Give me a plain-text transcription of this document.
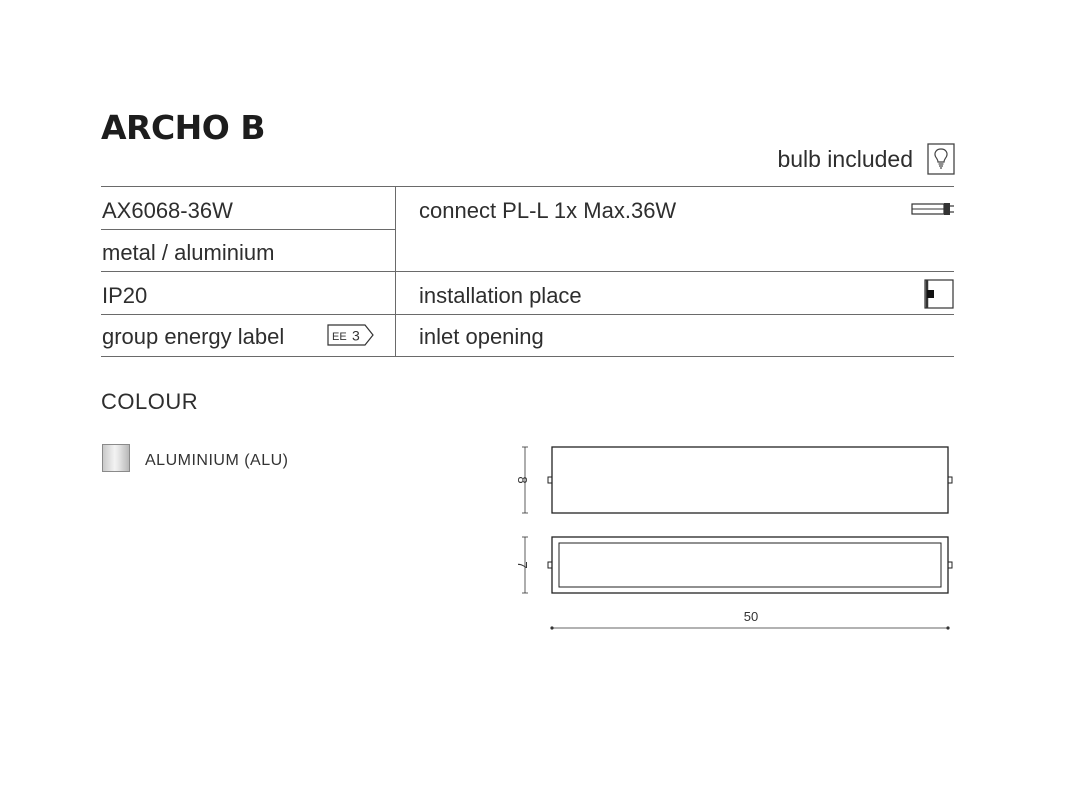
ARCHO B
bulb included
AX6068-36W
metal / aluminium
IP20
group energy label	EE 3
connect PL-L 1x Max.36W
installation place
inlet opening
COLOUR
ALUMINIUM (ALU)
8
7
50
